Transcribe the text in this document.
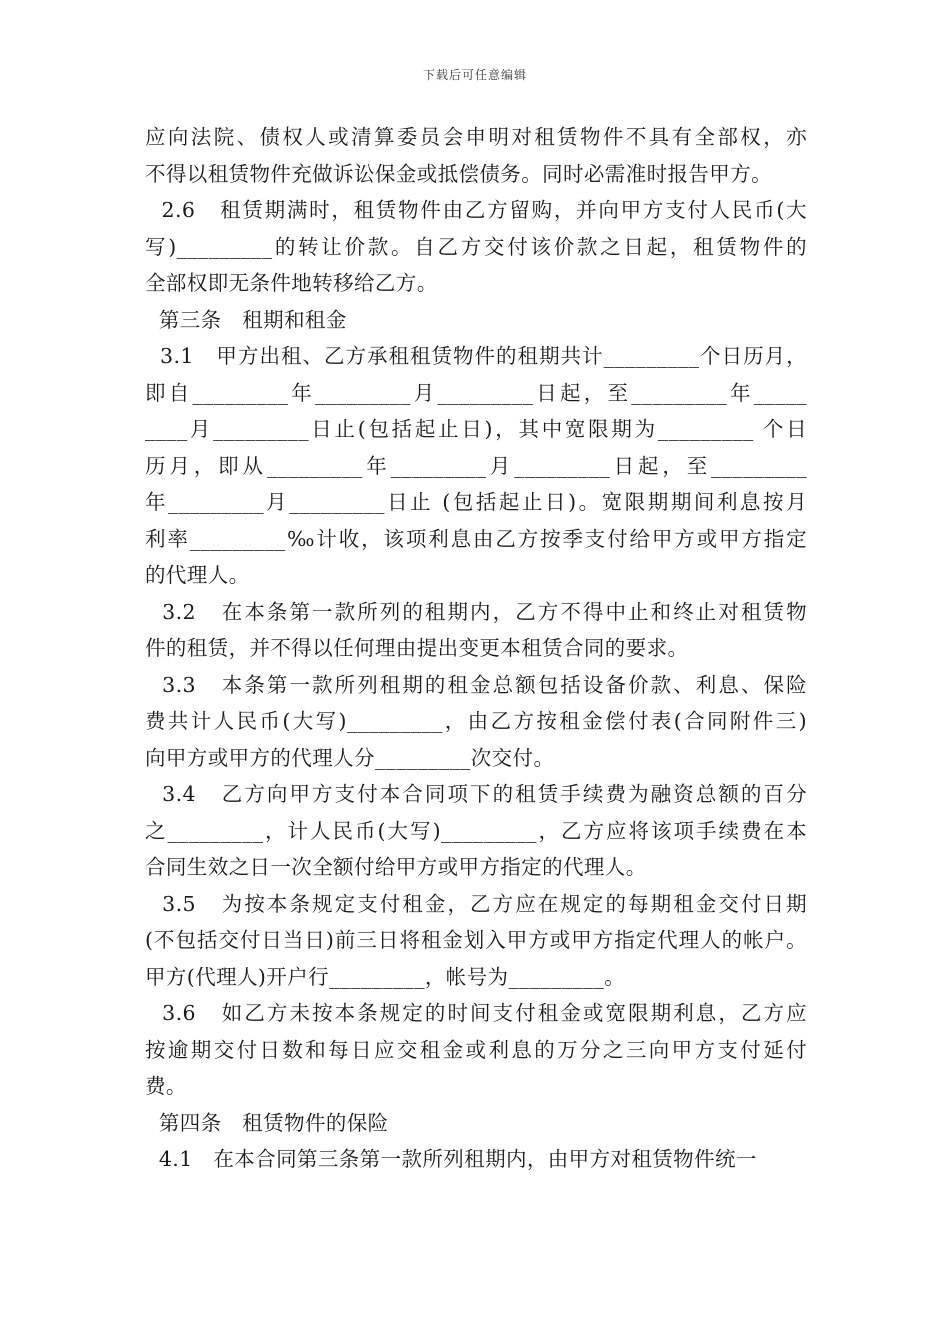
下载后可任意编辑
应向法院、债权人或清算委员会申明对租赁物件不具有全部权，亦
不得以租赁物件充做诉讼保金或抵偿债务。同时必需准时报告甲方。
2.6   租赁期满时，租赁物件由乙方留购，并向甲方支付人民币(大
写)_________的转让价款。自乙方交付该价款之日起，租赁物件的
全部权即无条件地转移给乙方。
第三条   租期和租金
3.1   甲方出租、乙方承租租赁物件的租期共计_________个日历月，
即自_________年_________月_________日起，至_________年_____
____月_________日止(包括起止日)，其中宽限期为_________ 个日
历月，即从_________年_________月_________日起，至_________
年_________月_________日止 (包括起止日)。宽限期期间利息按月
利率_________‰计收，该项利息由乙方按季支付给甲方或甲方指定
的代理人。
3.2   在本条第一款所列的租期内，乙方不得中止和终止对租赁物
件的租赁，并不得以任何理由提出变更本租赁合同的要求。
3.3   本条第一款所列租期的租金总额包括设备价款、利息、保险
费共计人民币(大写)_________，由乙方按租金偿付表(合同附件三)
向甲方或甲方的代理人分_________次交付。
3.4   乙方向甲方支付本合同项下的租赁手续费为融资总额的百分
之_________，计人民币(大写)_________，乙方应将该项手续费在本
合同生效之日一次全额付给甲方或甲方指定的代理人。
3.5   为按本条规定支付租金，乙方应在规定的每期租金交付日期
(不包括交付日当日)前三日将租金划入甲方或甲方指定代理人的帐户。
甲方(代理人)开户行_________，帐号为_________。
3.6   如乙方未按本条规定的时间支付租金或宽限期利息，乙方应
按逾期交付日数和每日应交租金或利息的万分之三向甲方支付延付
费。
第四条   租赁物件的保险
4.1   在本合同第三条第一款所列租期内，由甲方对租赁物件统一
